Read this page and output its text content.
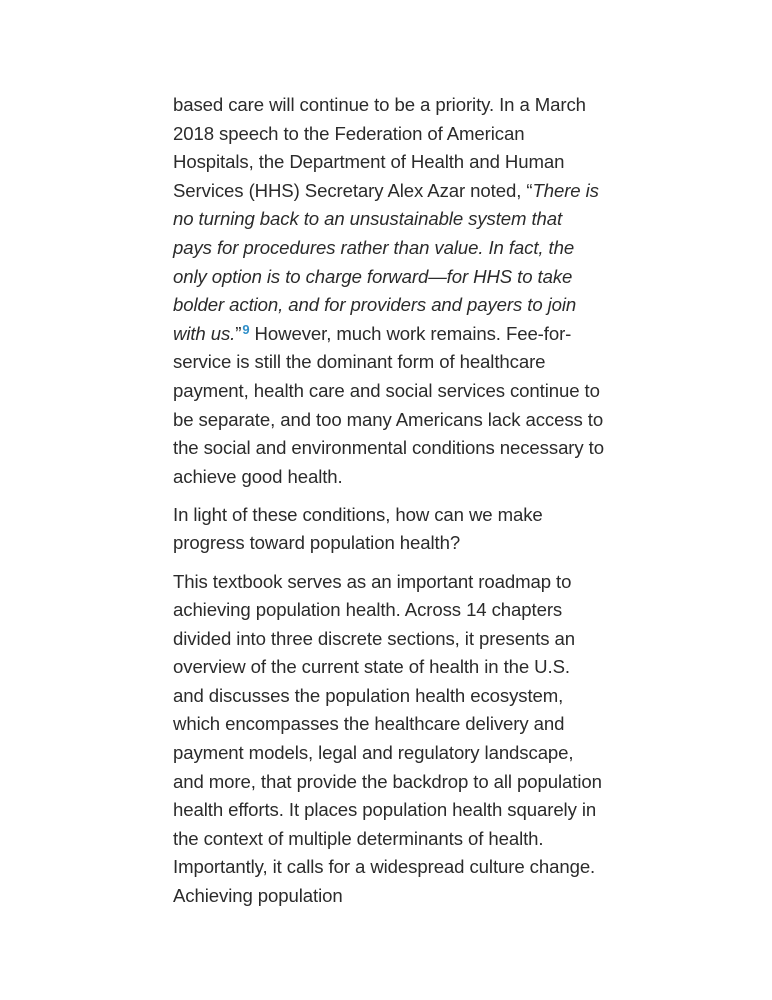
based care will continue to be a priority. In a March 2018 speech to the Federation of American Hospitals, the Department of Health and Human Services (HHS) Secretary Alex Azar noted, “There is no turning back to an unsustainable system that pays for procedures rather than value. In fact, the only option is to charge forward—for HHS to take bolder action, and for providers and payers to join with us.”$^9$ However, much work remains. Fee-for-service is still the dominant form of healthcare payment, health care and social services continue to be separate, and too many Americans lack access to the social and environmental conditions necessary to achieve good health.

In light of these conditions, how can we make progress toward population health?

This textbook serves as an important roadmap to achieving population health. Across 14 chapters divided into three discrete sections, it presents an overview of the current state of health in the U.S. and discusses the population health ecosystem, which encompasses the healthcare delivery and payment models, legal and regulatory landscape, and more, that provide the backdrop to all population health efforts. It places population health squarely in the context of multiple determinants of health. Importantly, it calls for a widespread culture change. Achieving population
